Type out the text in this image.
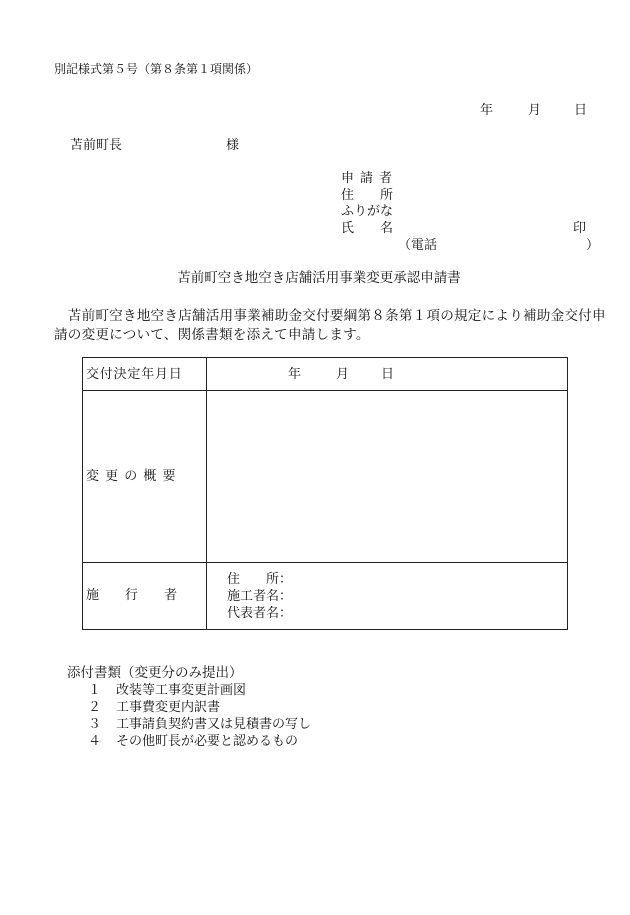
別記様式第５号（第８条第１項関係）
年	月	日
苫前町長	様
申請者
住　　所
ふりがな
氏　　名	印
（電話	）
苫前町空き地空き店舗活用事業変更承認申請書
　苫前町空き地空き店舗活用事業補助金交付要綱第８条第１項の規定により補助金交付申請の変更について、関係書類を添えて申請します。
交付決定年月日	年	月 日
変 更 の 概 要
施　　行　　者
住　　所：
施工者名：
代表者名：
添付書類（変更分のみ提出）
１ 改装等工事変更計画図
２ 工事費変更内訳書
３ 工事請負契約書又は見積書の写し
４ その他町長が必要と認めるもの
